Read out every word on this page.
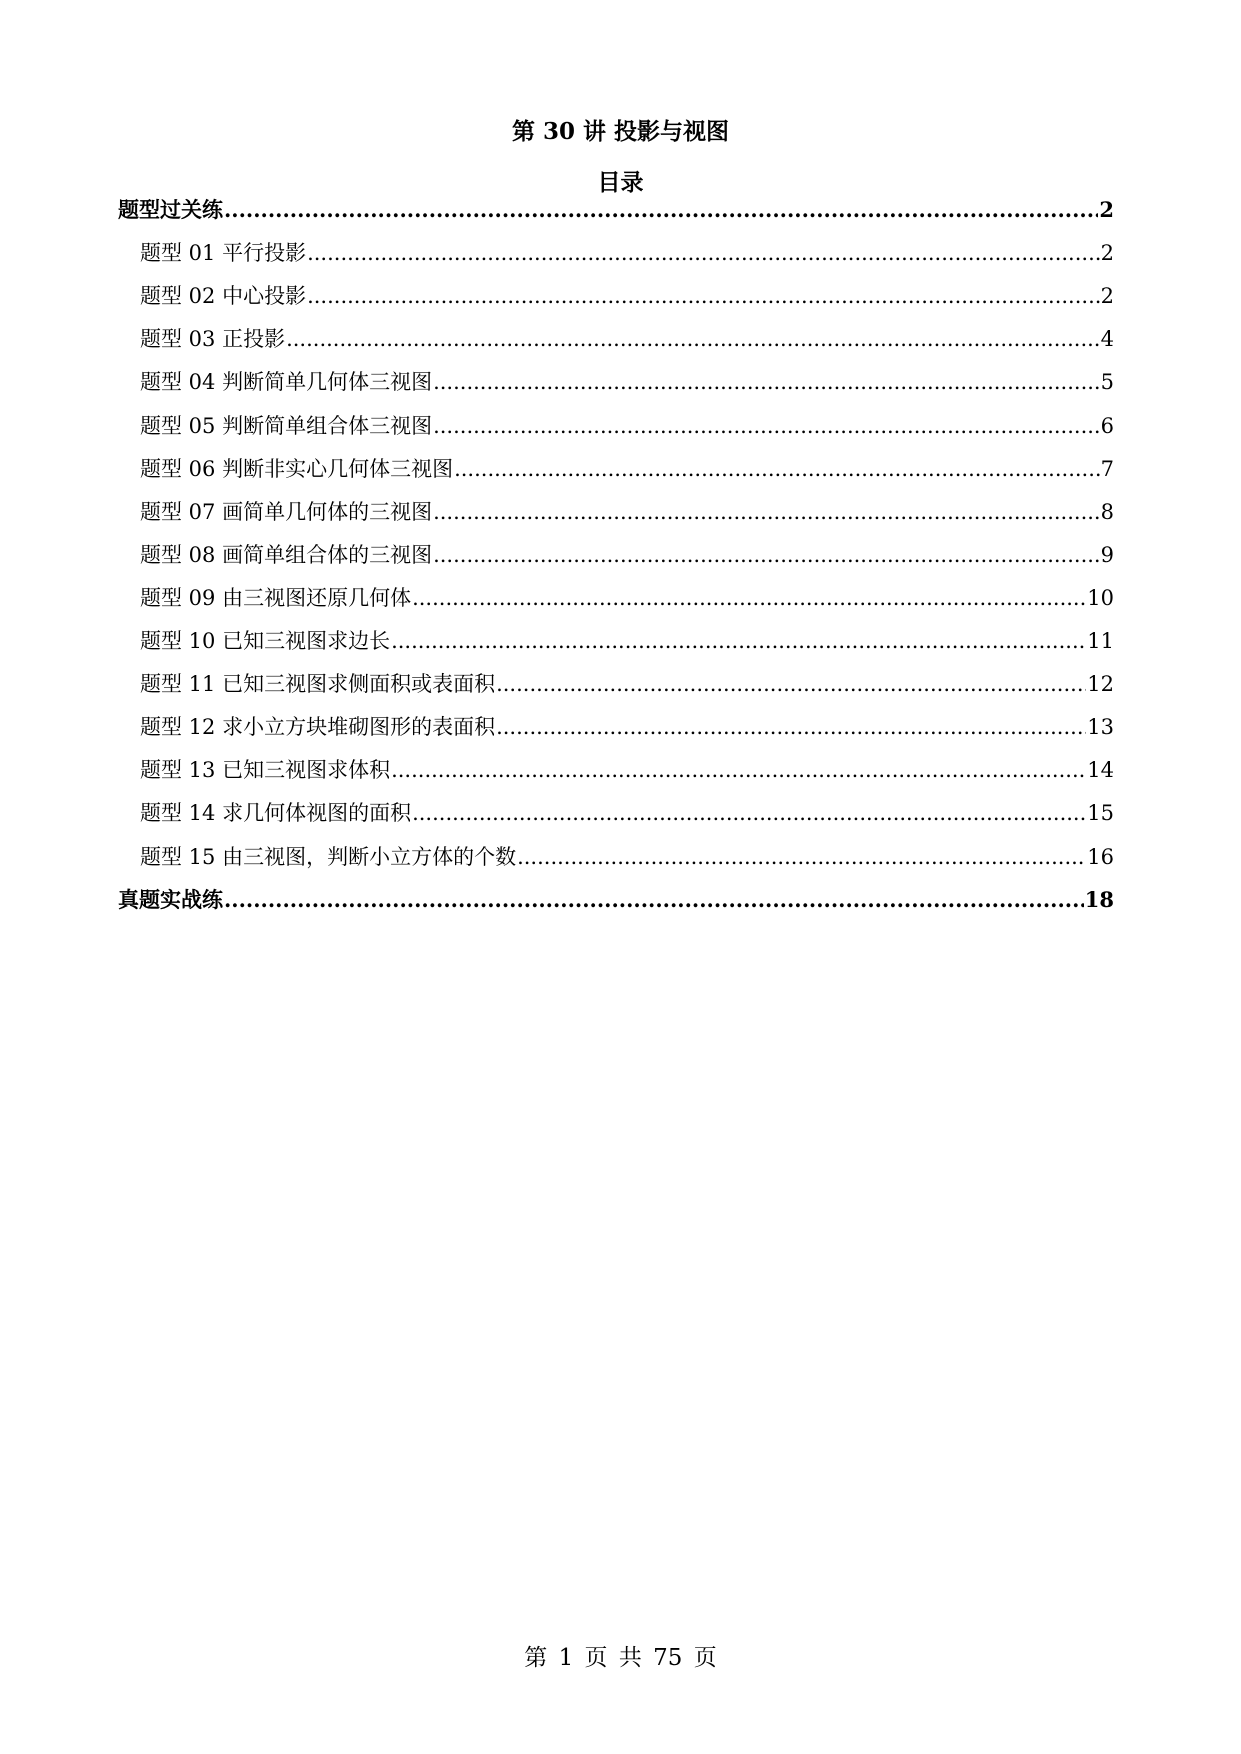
第 30 讲 投影与视图
目录
题型过关练 .....	2
题型 01 平行投影 .....	2
题型 02 中心投影 .....	2
题型 03 正投影 .....	4
题型 04 判断简单几何体三视图 .....	5
题型 05 判断简单组合体三视图 .....	6
题型 06 判断非实心几何体三视图 .....	7
题型 07 画简单几何体的三视图 .....	8
题型 08 画简单组合体的三视图 .....	9
题型 09 由三视图还原几何体 .....	10
题型 10 已知三视图求边长 .....	11
题型 11 已知三视图求侧面积或表面积 .....	12
题型 12 求小立方块堆砌图形的表面积 .....	13
题型 13 已知三视图求体积 .....	14
题型 14 求几何体视图的面积 .....	15
题型 15 由三视图，判断小立方体的个数 .....	16
真题实战练 .....	18
第 1 页 共 75 页
